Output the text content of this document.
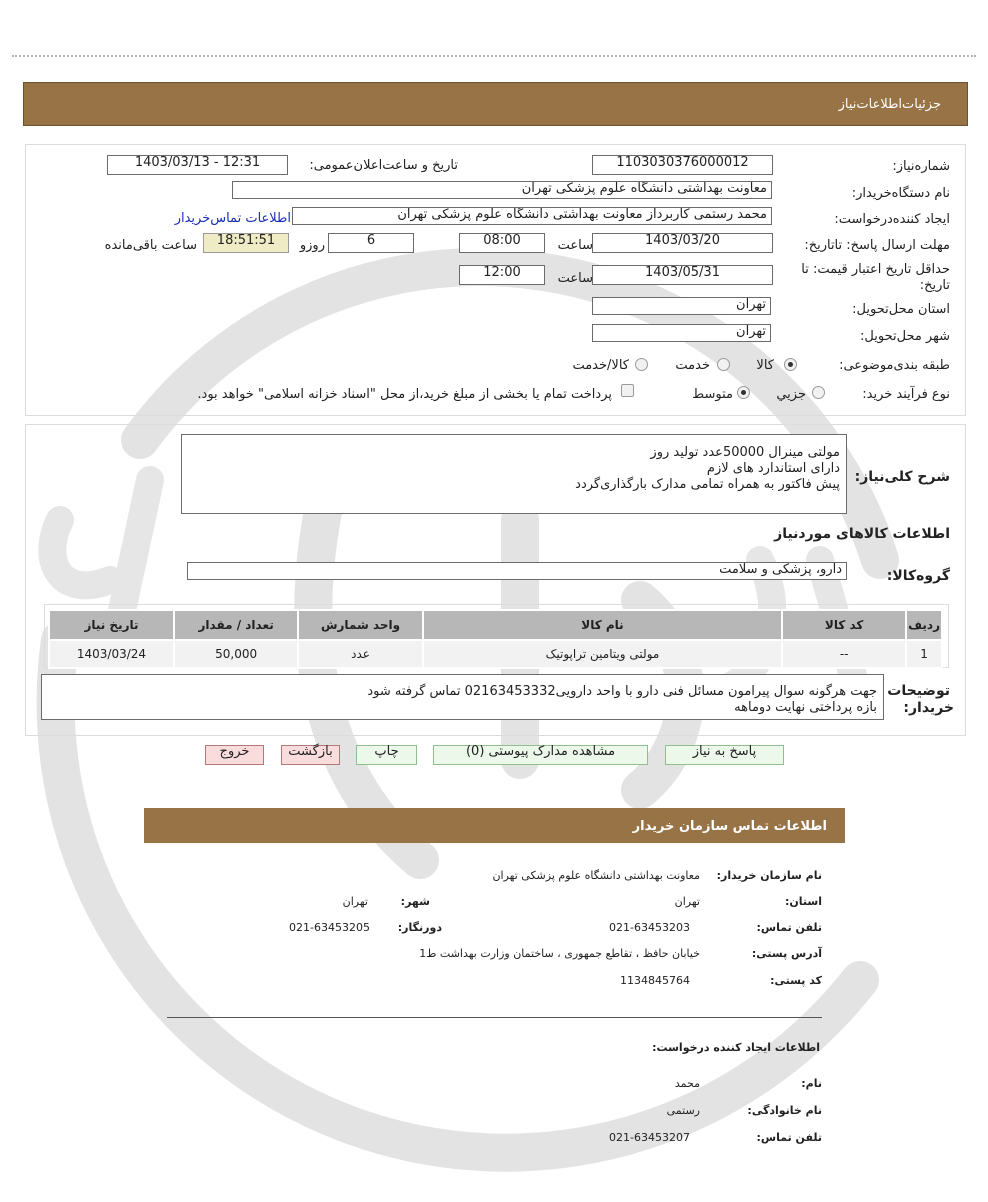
جزئیات‌اطلاعات‌نیاز
شماره‌نیاز:
1103030376000012
تاریخ و ساعت‌اعلان‌عمومی:
1403/03/13 - 12:31
نام دستگاه‌خریدار:
معاونت بهداشتی دانشگاه علوم پزشکی تهران
ایجاد کننده‌درخواست:
محمد رستمی کاربرداز معاونت بهداشتی دانشگاه علوم پزشکی تهران
اطلاعات تماس‌خریدار
مهلت ارسال پاسخ: تاتاریخ:
1403/03/20
ساعت
08:00
6
روزو
18:51:51
ساعت باقی‌مانده
حداقل تاریخ اعتبار قیمت: تا تاریخ:
1403/05/31
ساعت
12:00
استان محل‌تحویل:
تهران
شهر محل‌تحویل:
تهران
طبقه بندی‌موضوعی:
کالا
خدمت
کالا/خدمت
نوع فرآیند خرید:
جزیي
متوسط
پرداخت تمام یا بخشی از مبلغ خرید،از محل "اسناد خزانه اسلامی" خواهد بود.
شرح کلی‌نیاز:
مولتی مینرال 50000عدد تولید روز
دارای استاندارد های لازم
پیش فاکتور به همراه تمامی مدارک بارگذاری‌گردد
اطلاعات کالاهای موردنیاز
گروه‌کالا:
دارو، پزشکی و سلامت
ردیف	کد کالا	نام کالا	واحد شمارش	تعداد / مقدار	تاریخ نیاز
1	--	مولتی ویتامین تراپوتیک	عدد	50,000	1403/03/24
توضیحات
خریدار:
جهت هرگونه سوال پیرامون مسائل فنی دارو با واحد دارویی02163453332 تماس گرفته شود
بازه پرداختی نهایت دوماهه
پاسخ به نیاز
مشاهده مدارک پیوستی (0)
چاپ
بازگشت
خروج
اطلاعات تماس سازمان خریدار
نام سازمان خریدار:
معاونت بهداشتی دانشگاه علوم پزشکی تهران
استان:
تهران
شهر:
تهران
تلفن تماس:
021-63453203
دورنگار:
021-63453205
آدرس پستی:
خیابان حافظ ، تقاطع جمهوری ، ساختمان وزارت بهداشت ط1
کد پستی:
1134845764
اطلاعات ایجاد کننده درخواست:
نام:
محمد
نام خانوادگی:
رستمی
تلفن تماس:
021-63453207
